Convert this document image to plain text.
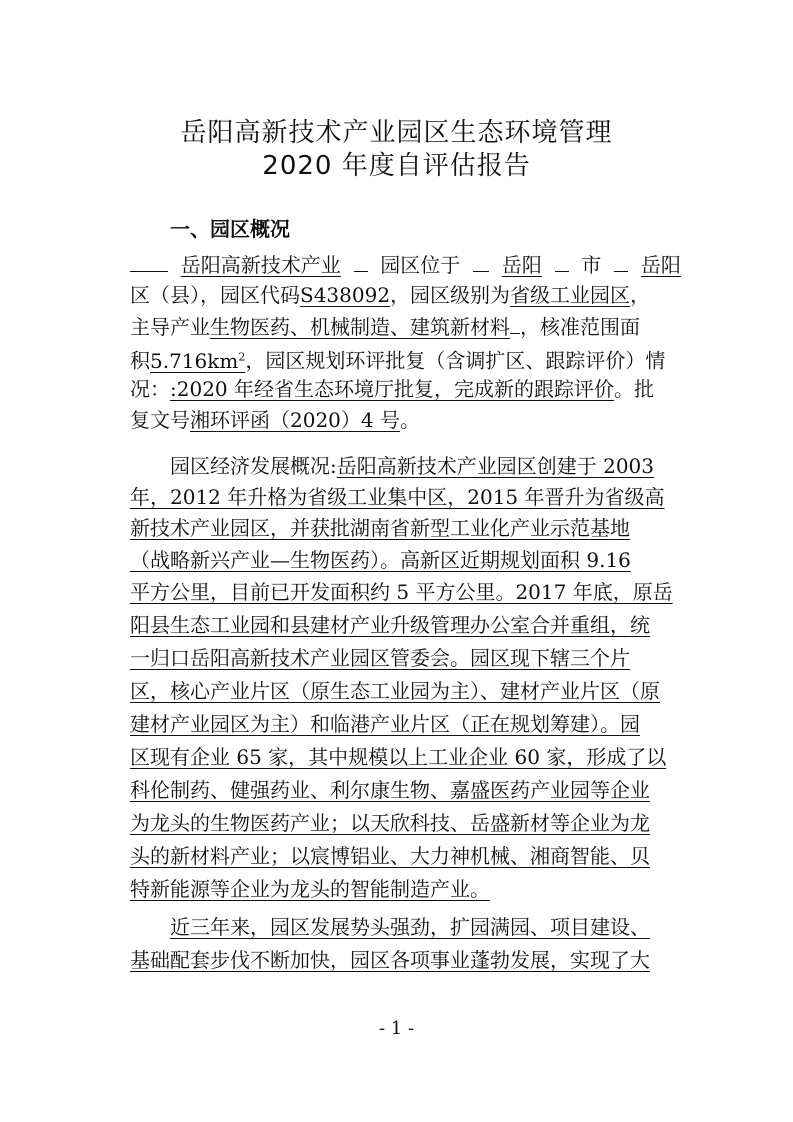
岳阳高新技术产业园区生态环境管理
2020 年度自评估报告
一、园区概况
岳阳高新技术产业 园区位于 岳阳 市 岳阳
区（县），园区代码S438092，园区级别为省级工业园区，
主导产业生物医药、机械制造、建筑新材料 ，核准范围面
积$5.716km^2$，园区规划环评批复（含调扩区、跟踪评价）情
况：:2020 年经省生态环境厅批复，完成新的跟踪评价。批
复文号 湘环评函（2020）4 号 。
园区经济发展概况:岳阳高新技术产业园区创建于 2003
年，2012 年升格为省级工业集中区，2015 年晋升为省级高
新技术产业园区，并获批湖南省新型工业化产业示范基地
（战略新兴产业—生物医药）。高新区近期规划面积 9.16
平方公里，目前已开发面积约 5 平方公里。2017 年底，原岳
阳县生态工业园和县建材产业升级管理办公室合并重组，统
一归口岳阳高新技术产业园区管委会。园区现下辖三个片
区，核心产业片区（原生态工业园为主）、建材产业片区（原
建材产业园区为主）和临港产业片区（正在规划筹建）。园
区现有企业 65 家，其中规模以上工业企业 60 家，形成了以
科伦制药、健强药业、利尔康生物、嘉盛医药产业园等企业
为龙头的生物医药产业；以天欣科技、岳盛新材等企业为龙
头的新材料产业；以宸博铝业、大力神机械、湘商智能、贝
特新能源等企业为龙头的智能制造产业。
近三年来，园区发展势头强劲，扩园满园、项目建设、
基础配套步伐不断加快，园区各项事业蓬勃发展，实现了大
- 1 -
